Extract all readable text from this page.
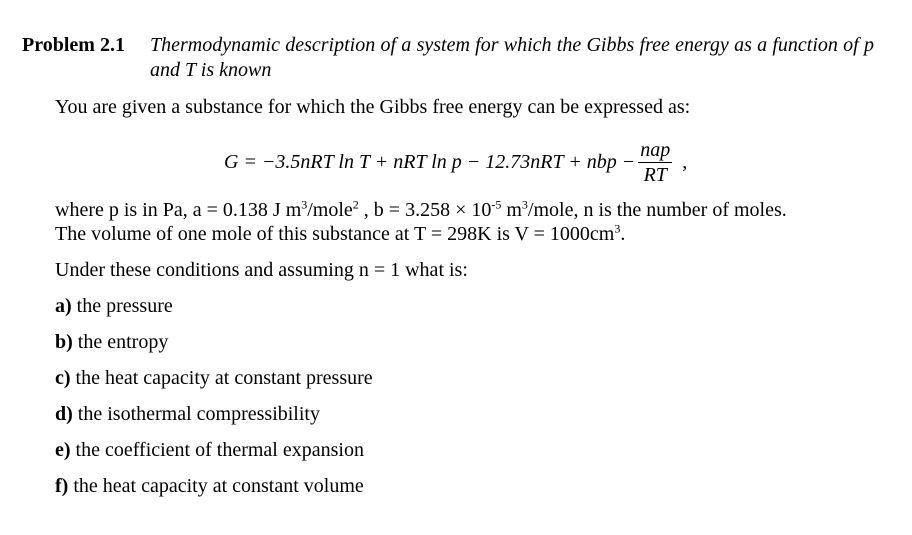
Problem 2.1	Thermodynamic description of a system for which the Gibbs free energy as a function of p and T is known
You are given a substance for which the Gibbs free energy can be expressed as:
G = −3.5nRT ln T + nRT ln p − 12.73nRT + nbp − $\frac{\text{nap}}{RT}$ ,
where p is in Pa, a = 0.138 J $m^3/mole^2$ , $b = 3.258 \times 10^{-5}$ $m^3$/mole, n is the number of moles.
The volume of one mole of this substance at T = 298K is $V = 1000cm^3$.
Under these conditions and assuming n = 1 what is:
a) the pressure
b) the entropy
c) the heat capacity at constant pressure
d) the isothermal compressibility
e) the coefficient of thermal expansion
f) the heat capacity at constant volume
